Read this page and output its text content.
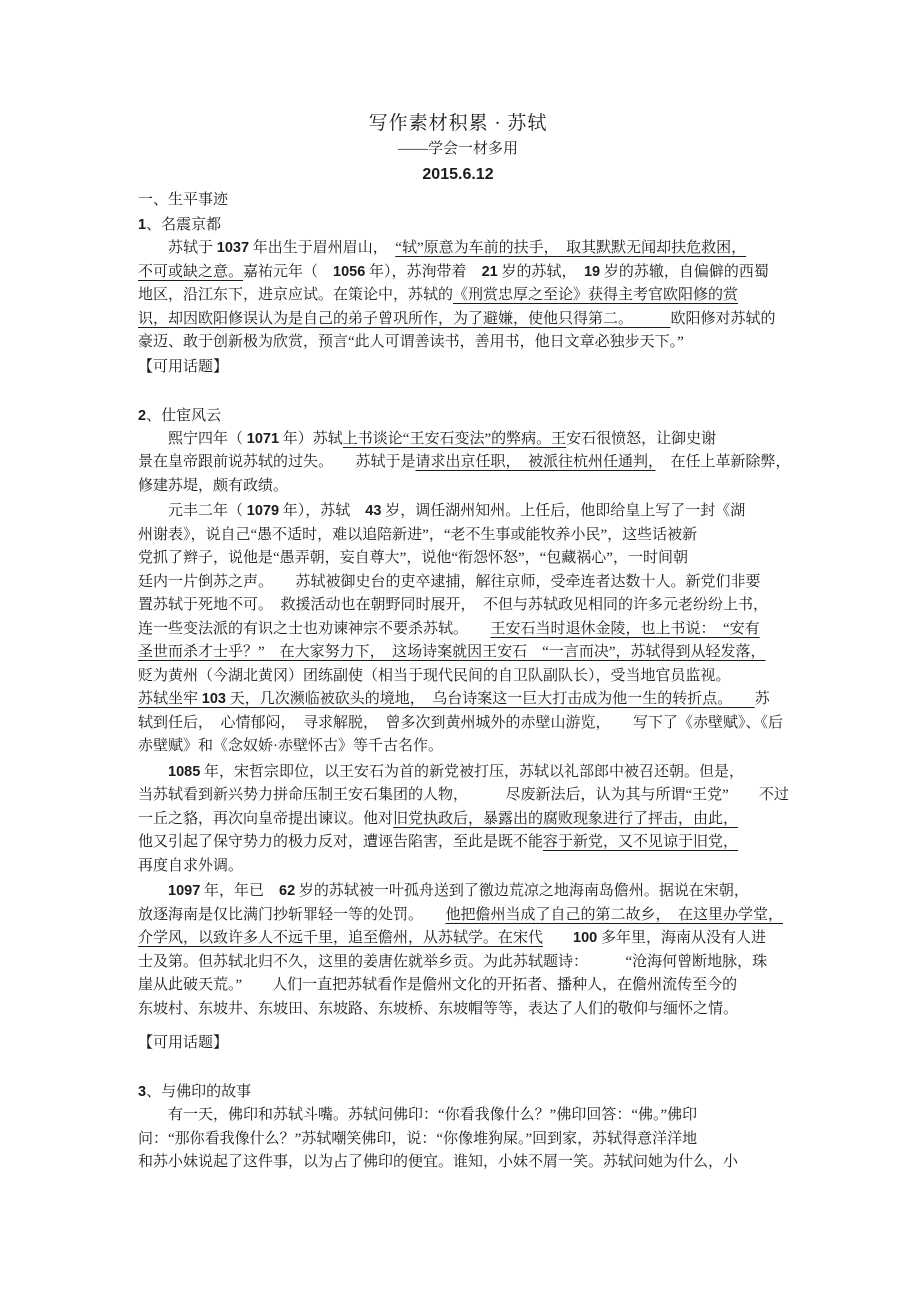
写作素材积累 · 苏轼
——学会一材多用
2015.6.12
一、生平事迹
1、名震京都
苏轼于 1037 年出生于眉州眉山，　“轼”原意为车前的扶手，　取其默默无闻却扶危救困，
不可或缺之意。嘉祐元年（　1056 年），苏洵带着　21 岁的苏轼，　19 岁的苏辙，自偏僻的西蜀
地区，沿江东下，进京应试。在策论中，苏轼的《刑赏忠厚之至论》获得主考官欧阳修的赏
识，却因欧阳修误认为是自己的弟子曾巩所作，为了避嫌，使他只得第二。　　　欧阳修对苏轼的
豪迈、敢于创新极为欣赏，预言“此人可谓善读书，善用书，他日文章必独步天下。”
【可用话题】
2、仕宦风云
熙宁四年（ 1071 年）苏轼上书谈论“王安石变法”的弊病。王安石很愤怒，让御史谢
景在皇帝跟前说苏轼的过失。　　苏轼于是请求出京任职，　被派往杭州任通判，　在任上革新除弊，
修建苏堤，颇有政绩。
元丰二年（ 1079 年），苏轼　43 岁，调任湖州知州。上任后，他即给皇上写了一封《湖
州谢表》，说自己“愚不适时，难以追陪新进”，“老不生事或能牧养小民”，这些话被新
党抓了辫子，说他是“愚弄朝，妄自尊大”，说他“衔怨怀怒”，“包藏祸心”，一时间朝
廷内一片倒苏之声。　　苏轼被御史台的吏卒逮捕，解往京师，受牵连者达数十人。新党们非要
置苏轼于死地不可。　救援活动也在朝野同时展开，　不但与苏轼政见相同的许多元老纷纷上书，
连一些变法派的有识之士也劝谏神宗不要杀苏轼。　　王安石当时退休金陵，也上书说：　“安有
圣世而杀才士乎？”　在大家努力下，　这场诗案就因王安石　“一言而决”，苏轼得到从轻发落，
贬为黄州（今湖北黄冈）团练副使（相当于现代民间的自卫队副队长），受当地官员监视。
苏轼坐牢 103 天，几次濒临被砍头的境地，　乌台诗案这一巨大打击成为他一生的转折点。　　苏
轼到任后，　心情郁闷，　寻求解脱，　曾多次到黄州城外的赤壁山游览，　　写下了《赤壁赋》、《后
赤壁赋》和《念奴娇·赤壁怀古》等千古名作。
1085 年，宋哲宗即位，以王安石为首的新党被打压，苏轼以礼部郎中被召还朝。但是，
当苏轼看到新兴势力拼命压制王安石集团的人物，　　　尽废新法后，认为其与所谓“王党”　　不过
一丘之貉，再次向皇帝提出谏议。他对旧党执政后，暴露出的腐败现象进行了抨击，由此，
他又引起了保守势力的极力反对，遭诬告陷害，至此是既不能容于新党，又不见谅于旧党，
再度自求外调。
1097 年，年已　62 岁的苏轼被一叶孤舟送到了徼边荒凉之地海南岛儋州。据说在宋朝，
放逐海南是仅比满门抄斩罪轻一等的处罚。　　他把儋州当成了自己的第二故乡，　在这里办学堂，
介学风，以致许多人不远千里，追至儋州，从苏轼学。在宋代　　 100 多年里，海南从没有人进
士及第。但苏轼北归不久，这里的姜唐佐就举乡贡。为此苏轼题诗：　　　“沧海何曾断地脉，珠
崖从此破天荒。”　　人们一直把苏轼看作是儋州文化的开拓者、播种人，在儋州流传至今的
东坡村、东坡井、东坡田、东坡路、东坡桥、东坡帽等等，表达了人们的敬仰与缅怀之情。
【可用话题】
3、与佛印的故事
有一天，佛印和苏轼斗嘴。苏轼问佛印：“你看我像什么？”佛印回答：“佛。”佛印
问：“那你看我像什么？”苏轼嘲笑佛印，说：“你像堆狗屎。”回到家，苏轼得意洋洋地
和苏小妹说起了这件事，以为占了佛印的便宜。谁知，小妹不屑一笑。苏轼问她为什么，小
